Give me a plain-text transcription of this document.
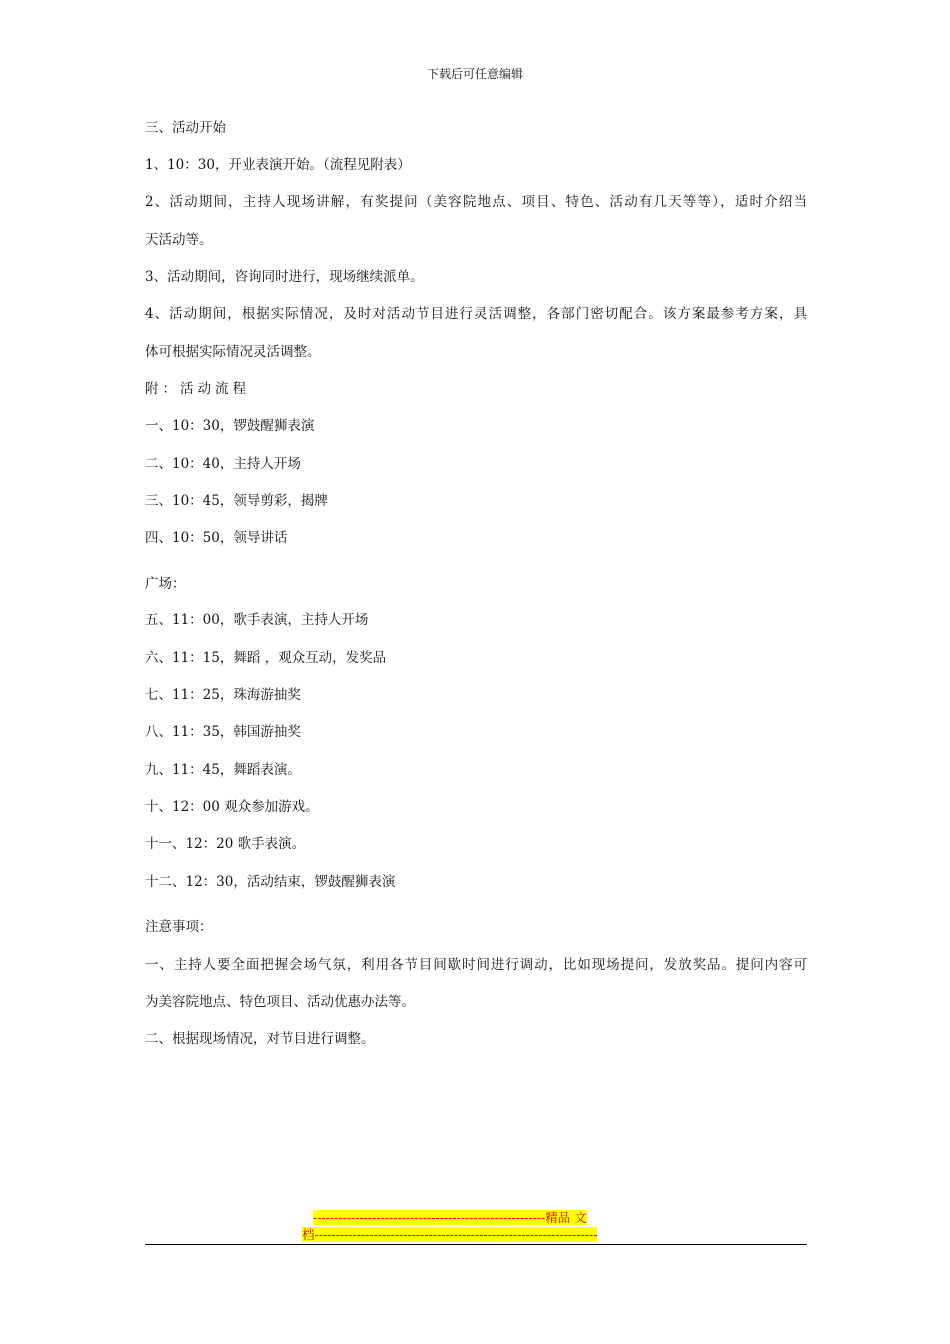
下载后可任意编辑
三、活动开始
1、10：30，开业表演开始。（流程见附表）
2、活动期间，主持人现场讲解，有奖提问（美容院地点、项目、特色、活动有几天等等），适时介绍当
天活动等。
3、活动期间，咨询同时进行，现场继续派单。
4、活动期间，根据实际情况，及时对活动节目进行灵活调整，各部门密切配合。该方案最参考方案，具
体可根据实际情况灵活调整。
附：活动流程
一、10：30，锣鼓醒狮表演
二、10：40，主持人开场
三、10：45，领导剪彩，揭牌
四、10：50，领导讲话
广场：
五、11：00，歌手表演，主持人开场
六、11：15，舞蹈 ，观众互动，发奖品
七、11：25，珠海游抽奖
八、11：35，韩国游抽奖
九、11：45，舞蹈表演。
十、12：00 观众参加游戏。
十一、12：20 歌手表演。
十二、12：30，活动结束，锣鼓醒狮表演
注意事项：
一、主持人要全面把握会场气氛，利用各节目间歇时间进行调动，比如现场提问，发放奖品。提问内容可
为美容院地点、特色项目、活动优惠办法等。
二、根据现场情况，对节目进行调整。
-------------------------------------------------------精品 文
档-------------------------------------------------------------------
